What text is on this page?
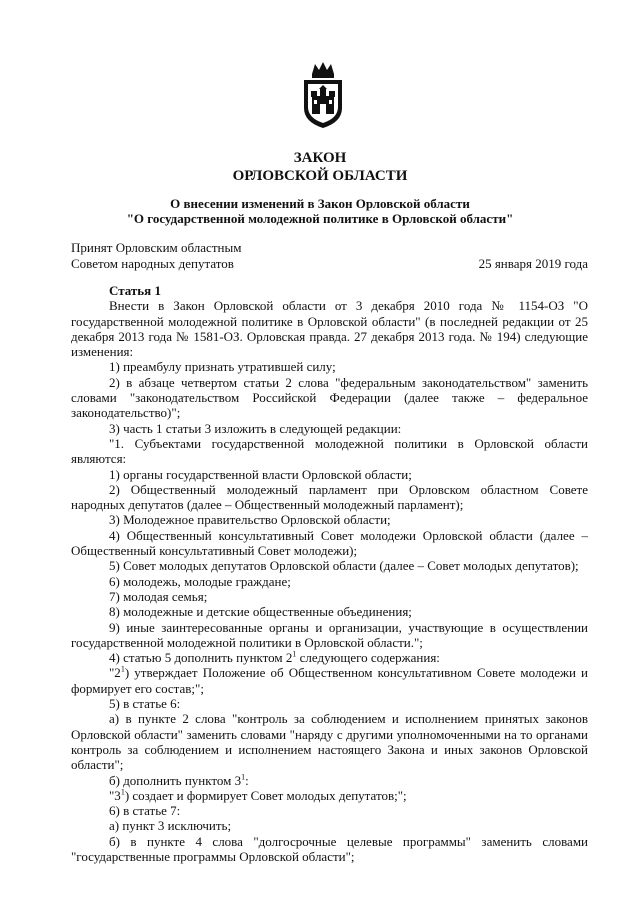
ЗАКОН
ОРЛОВСКОЙ ОБЛАСТИ
О внесении изменений в Закон Орловской области
"О государственной молодежной политике в Орловской области"
Принят Орловским областным
Советом народных депутатов	25 января 2019 года

Статья 1

Внести в Закон Орловской области от 3 декабря 2010 года № 1154-ОЗ "О государственной молодежной политике в Орловской области" (в последней редакции от 25 декабря 2013 года № 1581-ОЗ. Орловская правда. 27 декабря 2013 года. № 194) следующие изменения:

1) преамбулу признать утратившей силу;

2) в абзаце четвертом статьи 2 слова "федеральным законодательством" заменить словами "законодательством Российской Федерации (далее также – федеральное законодательство)";

3) часть 1 статьи 3 изложить в следующей редакции:

"1. Субъектами государственной молодежной политики в Орловской области являются:

1) органы государственной власти Орловской области;

2) Общественный молодежный парламент при Орловском областном Совете народных депутатов (далее – Общественный молодежный парламент);

3) Молодежное правительство Орловской области;

4) Общественный консультативный Совет молодежи Орловской области (далее – Общественный консультативный Совет молодежи);

5) Совет молодых депутатов Орловской области (далее – Совет молодых депутатов);

6) молодежь, молодые граждане;

7) молодая семья;

8) молодежные и детские общественные объединения;

9) иные заинтересованные органы и организации, участвующие в осуществлении государственной молодежной политики в Орловской области.";

4) статью 5 дополнить пунктом $2^1$ следующего содержания:

"$2^1$) утверждает Положение об Общественном консультативном Совете молодежи и формирует его состав;";

5) в статье 6:

а) в пункте 2 слова "контроль за соблюдением и исполнением принятых законов Орловской области" заменить словами "наряду с другими уполномоченными на то органами контроль за соблюдением и исполнением настоящего Закона и иных законов Орловской области";

б) дополнить пунктом $3^1$:

"$3^1$) создает и формирует Совет молодых депутатов;";

6) в статье 7:

а) пункт 3 исключить;

б) в пункте 4 слова "долгосрочные целевые программы" заменить словами "государственные программы Орловской области";
